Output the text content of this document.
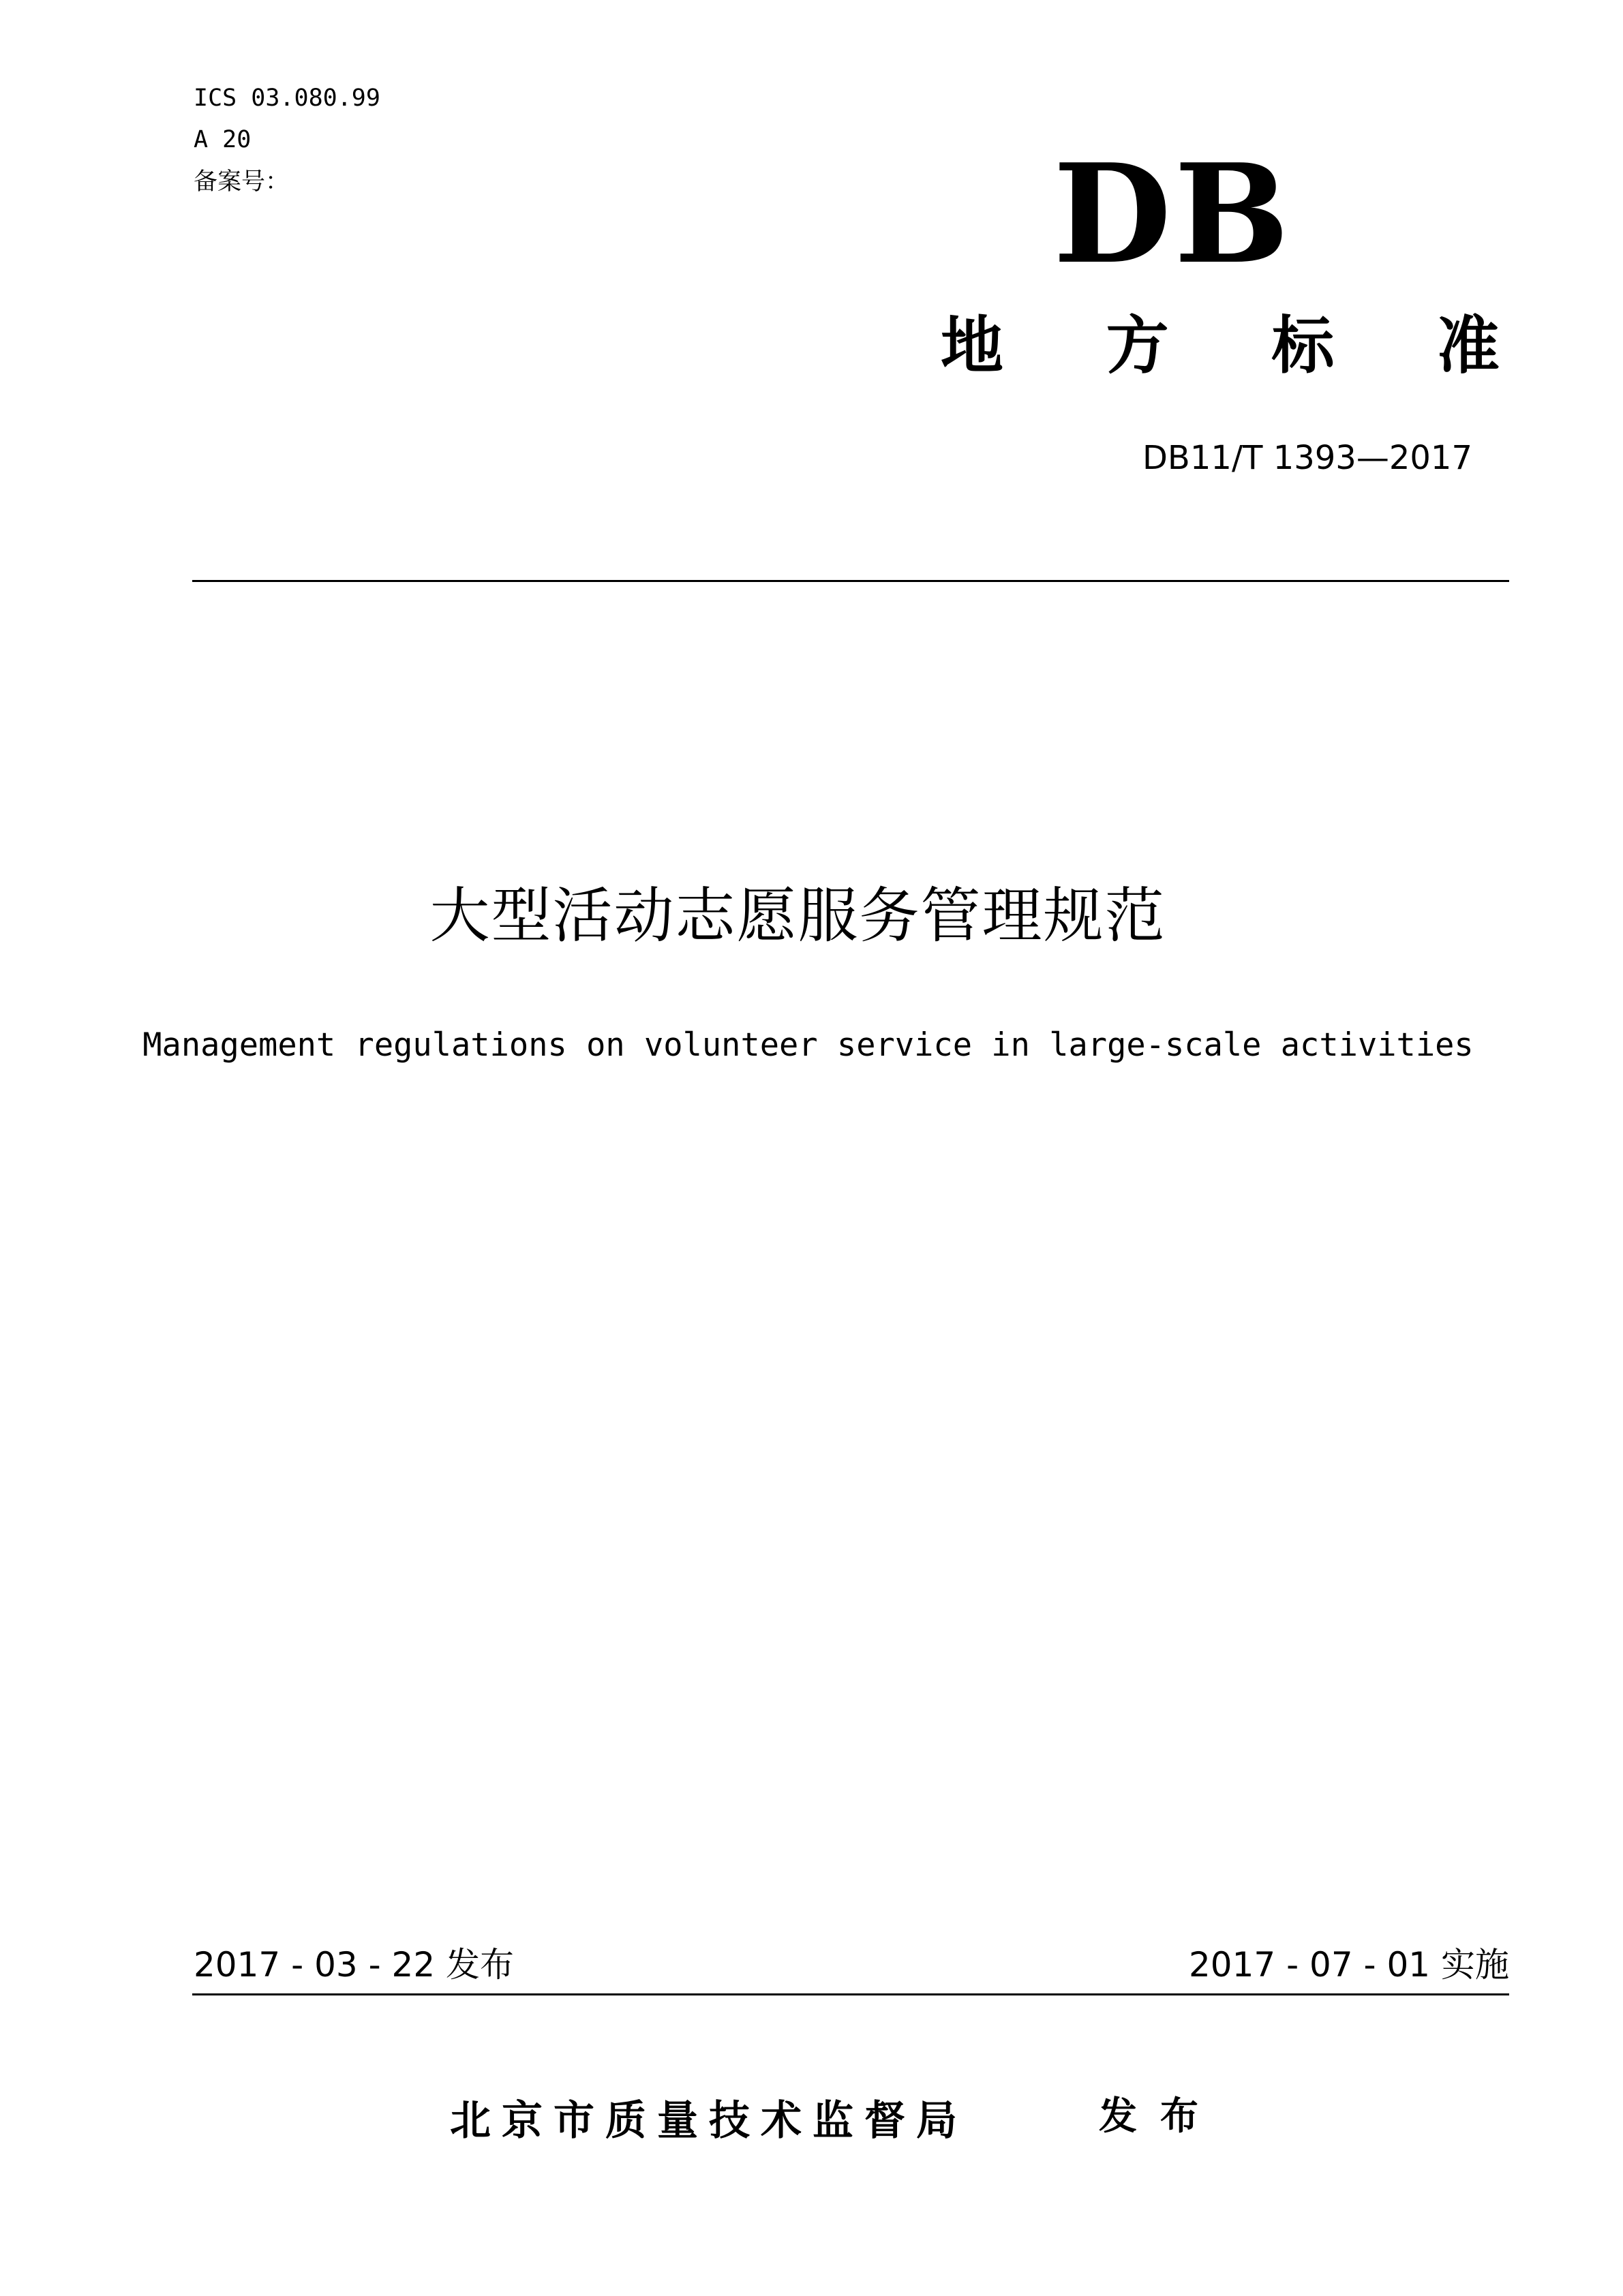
ICS 03.080.99
A 20
备案号：	DB
地 方 标 准
DB11/T 1393—2017
大型活动志愿服务管理规范
Management regulations on volunteer service in large-scale activities
2017 - 03 - 22 发布	2017 - 07 - 01 实施
北京市质量技术监督局	发布
